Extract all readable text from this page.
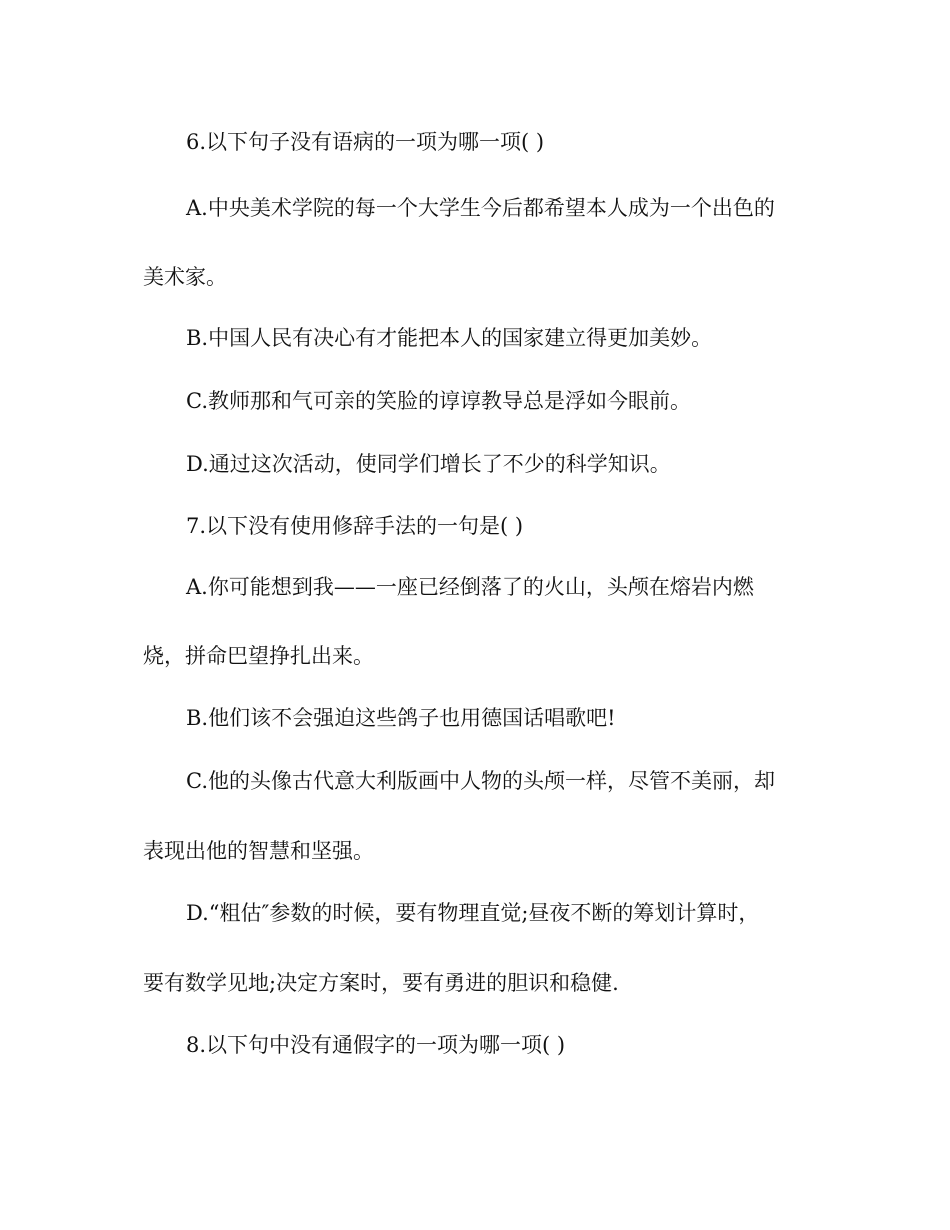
6.以下句子没有语病的一项为哪一项( )
A.中央美术学院的每一个大学生今后都希望本人成为一个出色的
美术家。
B.中国人民有决心有才能把本人的国家建立得更加美妙。
C.教师那和气可亲的笑脸的谆谆教导总是浮如今眼前。
D.通过这次活动，使同学们增长了不少的科学知识。
7.以下没有使用修辞手法的一句是( )
A.你可能想到我——一座已经倒落了的火山，头颅在熔岩内燃
烧，拼命巴望挣扎出来。
B.他们该不会强迫这些鸽子也用德国话唱歌吧!
C.他的头像古代意大利版画中人物的头颅一样，尽管不美丽，却
表现出他的智慧和坚强。
D.“粗估″参数的时候，要有物理直觉;昼夜不断的筹划计算时，
要有数学见地;决定方案时，要有勇进的胆识和稳健.
8.以下句中没有通假字的一项为哪一项( )
